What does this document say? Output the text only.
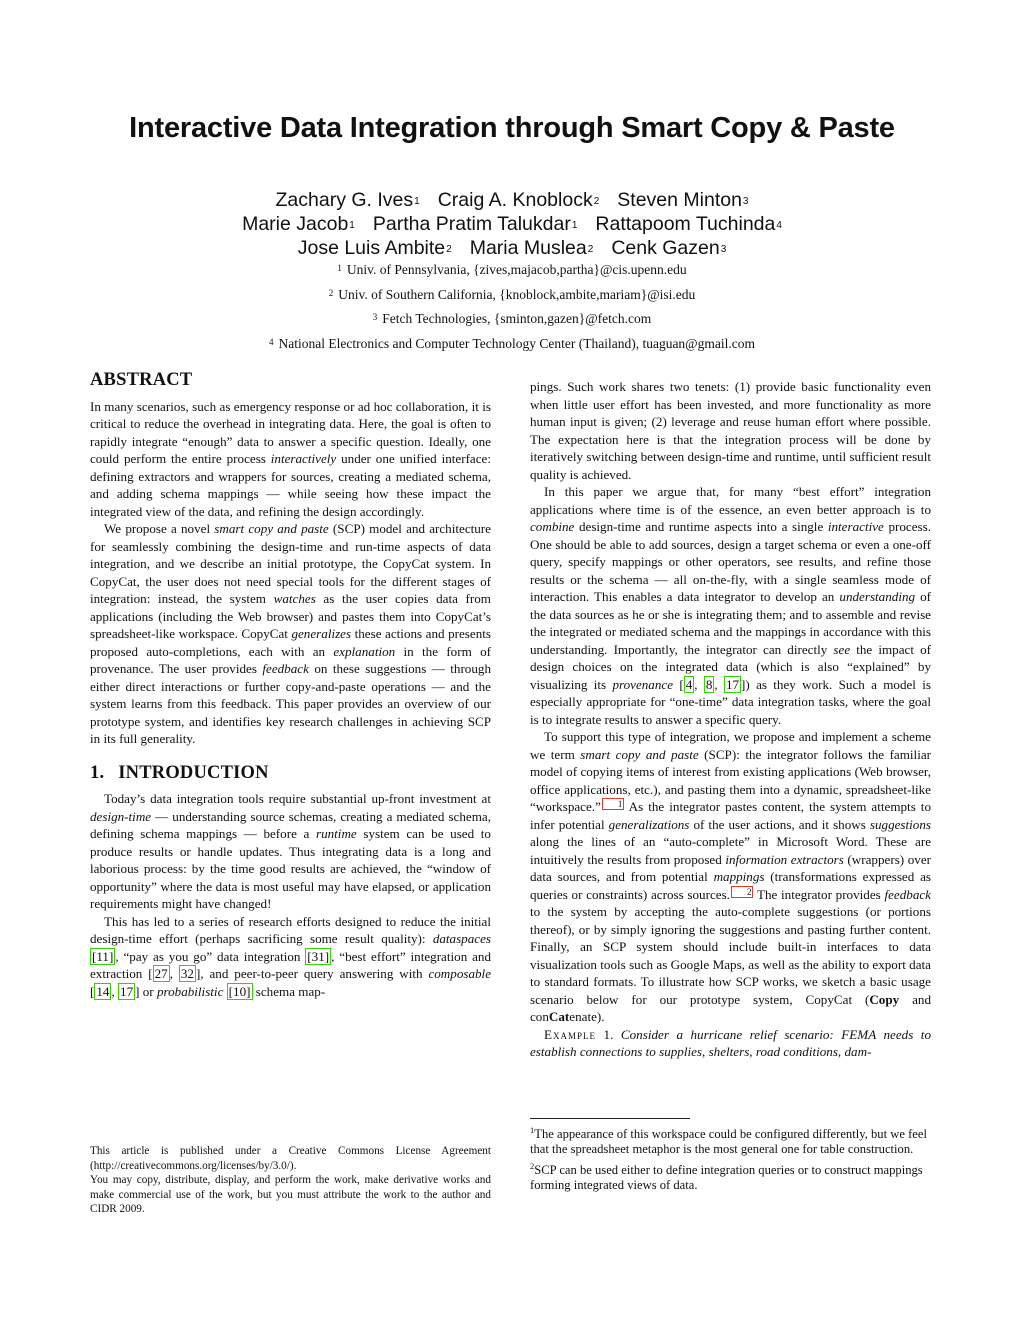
Interactive Data Integration through Smart Copy & Paste
Zachary G. Ives$^1$ Craig A. Knoblock$^2$ Steven Minton$^3$
Marie Jacob$^1$ Partha Pratim Talukdar$^1$ Rattapoom Tuchinda$^4$
Jose Luis Ambite$^2$ Maria Muslea$^2$ Cenk Gazen$^3$
$^1$ Univ. of Pennsylvania, {zives,majacob,partha}@cis.upenn.edu
$^2$ Univ. of Southern California, {knoblock,ambite,mariam}@isi.edu
$^3$ Fetch Technologies, {sminton,gazen}@fetch.com
$^4$ National Electronics and Computer Technology Center (Thailand), tuaguan@gmail.com
ABSTRACT

In many scenarios, such as emergency response or ad hoc collaboration, it is critical to reduce the overhead in integrating data. Here, the goal is often to rapidly integrate “enough” data to answer a specific question. Ideally, one could perform the entire process interactively under one unified interface: defining extractors and wrappers for sources, creating a mediated schema, and adding schema mappings — while seeing how these impact the integrated view of the data, and refining the design accordingly.

We propose a novel smart copy and paste (SCP) model and architecture for seamlessly combining the design-time and run-time aspects of data integration, and we describe an initial prototype, the CopyCat system. In CopyCat, the user does not need special tools for the different stages of integration: instead, the system watches as the user copies data from applications (including the Web browser) and pastes them into CopyCat’s spreadsheet-like workspace. CopyCat generalizes these actions and presents proposed auto-completions, each with an explanation in the form of provenance. The user provides feedback on these suggestions — through either direct interactions or further copy-and-paste operations — and the system learns from this feedback. This paper provides an overview of our prototype system, and identifies key research challenges in achieving SCP in its full generality.

1. INTRODUCTION

Today’s data integration tools require substantial up-front investment at design-time — understanding source schemas, creating a mediated schema, defining schema mappings — before a runtime system can be used to produce results or handle updates. Thus integrating data is a long and laborious process: by the time good results are achieved, the “window of opportunity” where the data is most useful may have elapsed, or application requirements might have changed!

This has led to a series of research efforts designed to reduce the initial design-time effort (perhaps sacrificing some result quality): dataspaces [11] , “pay as you go” data integration [31] , “best effort” integration and extraction [ 27 , 32 ], and peer-to-peer query answering with composable [ 14 , 17 ] or probabilistic [10] schema map-

pings. Such work shares two tenets: (1) provide basic functionality even when little user effort has been invested, and more functionality as more human input is given; (2) leverage and reuse human effort where possible. The expectation here is that the integration process will be done by iteratively switching between design-time and runtime, until sufficient result quality is achieved.

In this paper we argue that, for many “best effort” integration applications where time is of the essence, an even better approach is to combine design-time and runtime aspects into a single interactive process. One should be able to add sources, design a target schema or even a one-off query, specify mappings or other operators, see results, and refine those results or the schema — all on-the-fly, with a single seamless mode of interaction. This enables a data integrator to develop an understanding of the data sources as he or she is integrating them; and to assemble and revise the integrated or mediated schema and the mappings in accordance with this understanding. Importantly, the integrator can directly see the impact of design choices on the integrated data (which is also “explained” by visualizing its provenance [ 4 , 8 , 17 ]) as they work. Such a model is especially appropriate for “one-time” data integration tasks, where the goal is to integrate results to answer a specific query.

To support this type of integration, we propose and implement a scheme we term smart copy and paste (SCP): the integrator follows the familiar model of copying items of interest from existing applications (Web browser, office applications, etc.), and pasting them into a dynamic, spreadsheet-like “workspace.” 1 As the integrator pastes content, the system attempts to infer potential generalizations of the user actions, and it shows suggestions along the lines of an “auto-complete” in Microsoft Word. These are intuitively the results from proposed information extractors (wrappers) over data sources, and from potential mappings (transformations expressed as queries or constraints) across sources. 2 The integrator provides feedback to the system by accepting the auto-complete suggestions (or portions thereof), or by simply ignoring the suggestions and pasting further content. Finally, an SCP system should include built-in interfaces to data visualization tools such as Google Maps, as well as the ability to export data to standard formats. To illustrate how SCP works, we sketch a basic usage scenario below for our prototype system, CopyCat (Copy and conCatenate).

Example 1. Consider a hurricane relief scenario: FEMA needs to establish connections to supplies, shelters, road conditions, dam-

This article is published under a Creative Commons License Agreement (http://creativecommons.org/licenses/by/3.0/).

You may copy, distribute, display, and perform the work, make derivative works and make commercial use of the work, but you must attribute the work to the author and CIDR 2009.

$^1$The appearance of this workspace could be configured differently, but we feel that the spreadsheet metaphor is the most general one for table construction.

$^2$SCP can be used either to define integration queries or to construct mappings forming integrated views of data.
